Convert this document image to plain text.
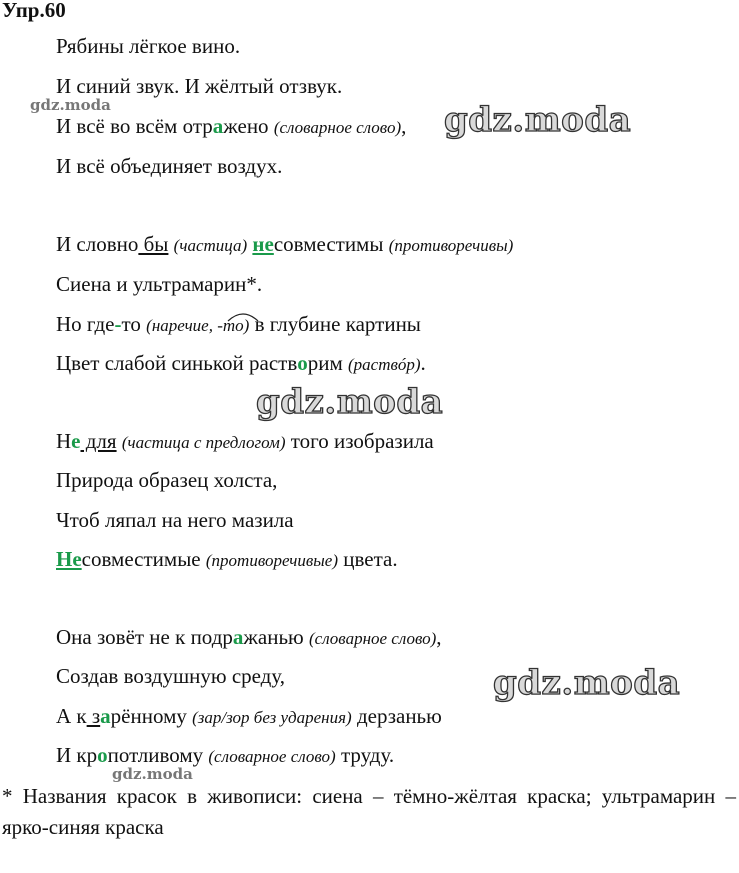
Упр.60
Рябины лёгкое вино.
И синий звук. И жёлтый отзвук.
И всё во всём отражено (словарное слово),
И всё объединяет воздух.
И словно бы (частица) несовместимы (противоречивы)
Сиена и ультрамарин*.
Но где-то (наречие, -то) в глубине картины
Цвет слабой синькой растворим (раствóр).
Не для (частица с предлогом) того изобразила
Природа образец холста,
Чтоб ляпал на него мазила
Несовместимые (противоречивые) цвета.
Она зовёт не к подражанью (словарное слово),
Создав воздушную среду,
А к зарённому (зар/зор без ударения) дерзанью
И кропотливому (словарное слово) труду.
* Названия красок в живописи: сиена – тёмно-жёлтая краска; ультрамарин – ярко-синяя краска
gdz.moda	gdz.moda
gdz.moda
gdz.moda
gdz.moda
